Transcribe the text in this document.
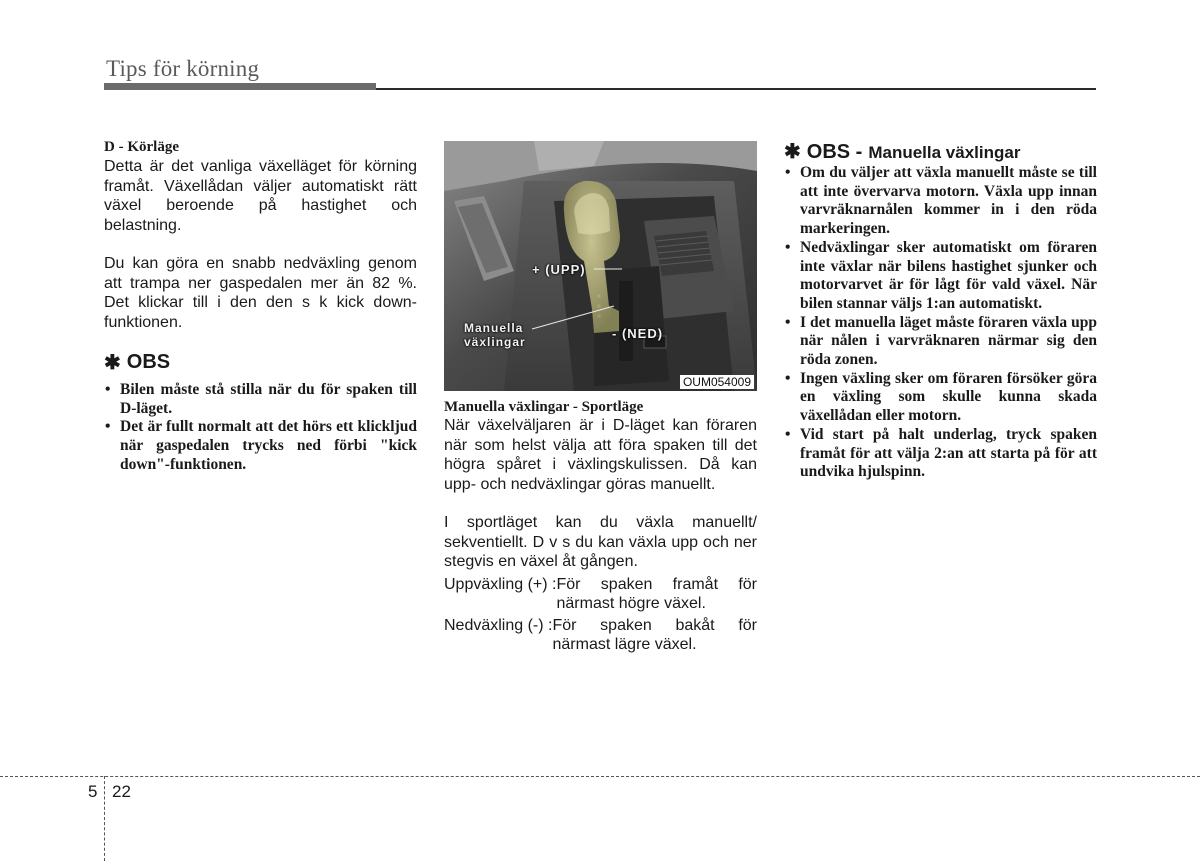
Tips för körning

D - Körläge

Detta är det vanliga växelläget för körning framåt. Växellådan väljer automatiskt rätt växel beroende på hastighet och belastning.

Du kan göra en snabb nedväxling genom att trampa ner gaspedalen mer än 82 %. Det klickar till i den den s k kick down-funktionen.

✱ OBS
• Bilen måste stå stilla när du för spaken till D-läget.
• Det är fullt normalt att det hörs ett klickljud när gaspedalen trycks ned förbi "kick down"-funktionen.
+ (UPP)
Manuella
växlingar
- (NED)
OUM054009

Manuella växlingar - Sportläge

När växelväljaren är i D-läget kan föraren när som helst välja att föra spaken till det högra spåret i växlingskulissen. Då kan upp- och nedväxlingar göras manuellt.

I sportläget kan du växla manuellt/ sekventiellt. D v s du kan växla upp och ner stegvis en växel åt gången.

Uppväxling (+) : För spaken framåt för närmast högre växel.
Nedväxling (-) : För spaken bakåt för närmast lägre växel.
✱ OBS - Manuella växlingar
• Om du väljer att växla manuellt måste se till att inte övervarva motorn. Växla upp innan varvräknarnålen kommer in i den röda markeringen.
• Nedväxlingar sker automatiskt om föraren inte växlar när bilens hastighet sjunker och motorvarvet är för lågt för vald växel. När bilen stannar väljs 1:an automatiskt.
• I det manuella läget måste föraren växla upp när nålen i varvräknaren närmar sig den röda zonen.
• Ingen växling sker om föraren försöker göra en växling som skulle kunna skada växellådan eller motorn.
• Vid start på halt underlag, tryck spaken framåt för att välja 2:an att starta på för att undvika hjulspinn.
5 22
